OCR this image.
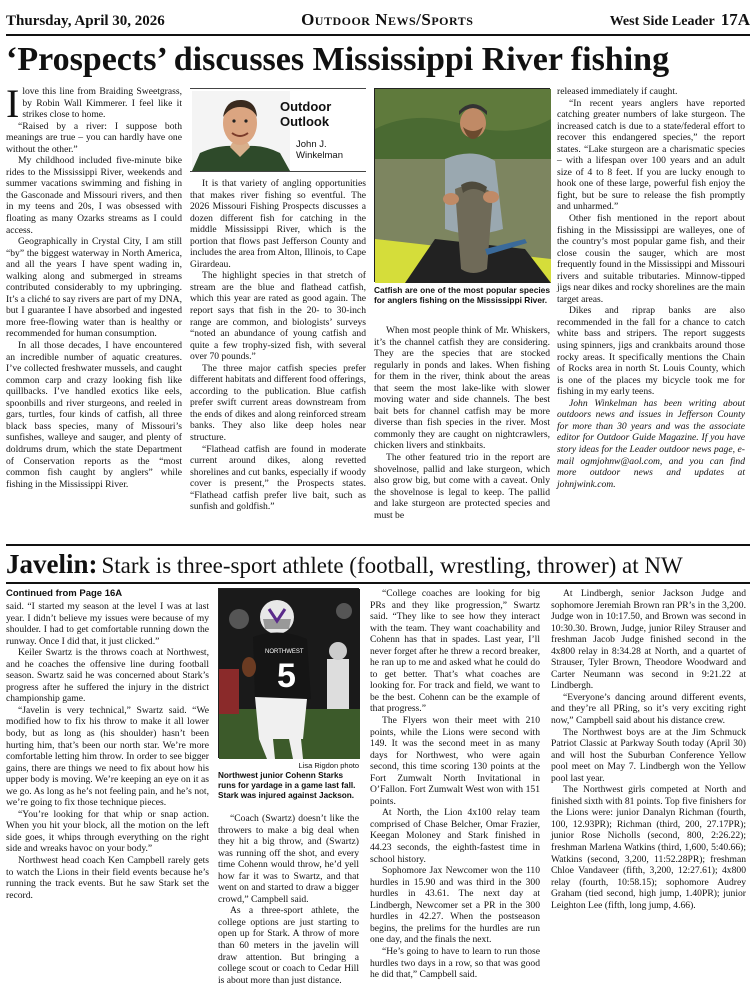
Thursday, April 30, 2026	Outdoor News/Sports	West Side Leader 17A
‘Prospects’ discusses Mississippi River fishing

Ilove this line from Braiding Sweetgrass, by Robin Wall Kimmerer. I feel like it strikes close to home.

“Raised by a river: I suppose both meanings are true – you can hardly have one without the other.”

My childhood included five-minute bike rides to the Mississippi River, weekends and summer vacations swimming and fishing in the Gasconade and Missouri rivers, and then in my teens and 20s, I was obsessed with floating as many Ozarks streams as I could access.

Geographically in Crystal City, I am still “by” the biggest waterway in North America, and all the years I have spent wading in, walking along and submerged in streams contributed considerably to my upbringing. It’s a cliché to say rivers are part of my DNA, but I guarantee I have absorbed and ingested more free-flowing water than is healthy or recommended for human consumption.

In all those decades, I have encountered an incredible number of aquatic creatures. I’ve collected freshwater mussels, and caught common carp and crazy looking fish like quillbacks. I’ve handled exotics like eels, spoonbills and river sturgeons, and reeled in gars, turtles, four kinds of catfish, all three black bass species, many of Missouri’s sunfishes, walleye and sauger, and plenty of doldrums drum, which the state Department of Conservation reports as the “most common fish caught by anglers” while fishing in the Mississippi River.

Outdoor
Outlook
John J.
Winkelman

It is that variety of angling opportunities that makes river fishing so eventful. The 2026 Missouri Fishing Prospects discusses a dozen different fish for catching in the middle Mississippi River, which is the portion that flows past Jefferson County and includes the area from Alton, Illinois, to Cape Girardeau.

The highlight species in that stretch of stream are the blue and flathead catfish, which this year are rated as good again. The report says that fish in the 20- to 30-inch range are common, and biologists’ surveys “noted an abundance of young catfish and quite a few trophy-sized fish, with several over 70 pounds.”

The three major catfish species prefer different habitats and different food offerings, according to the publication. Blue catfish prefer swift current areas downstream from the ends of dikes and along reinforced stream banks. They also like deep holes near structure.

“Flathead catfish are found in moderate current around dikes, along revetted shorelines and cut banks, especially if woody cover is present,” the Prospects states. “Flathead catfish prefer live bait, such as sunfish and goldfish.”

Catfish are one of the most popular species for anglers fishing on the Mississippi River.

When most people think of Mr. Whiskers, it’s the channel catfish they are considering. They are the species that are stocked regularly in ponds and lakes. When fishing for them in the river, think about the areas that seem the most lake-like with slower moving water and side channels. The best bait bets for channel catfish may be more diverse than fish species in the river. Most commonly they are caught on nightcrawlers, chicken livers and stinkbaits.

The other featured trio in the report are shovelnose, pallid and lake sturgeon, which also grow big, but come with a caveat. Only the shovelnose is legal to keep. The pallid and lake sturgeon are protected species and must be

released immediately if caught.

“In recent years anglers have reported catching greater numbers of lake sturgeon. The increased catch is due to a state/federal effort to recover this endangered species,” the report states. “Lake sturgeon are a charismatic species – with a lifespan over 100 years and an adult size of 4 to 8 feet. If you are lucky enough to hook one of these large, powerful fish enjoy the fight, but be sure to release the fish promptly and unharmed.”

Other fish mentioned in the report about fishing in the Mississippi are walleyes, one of the country’s most popular game fish, and their close cousin the sauger, which are most frequently found in the Mississippi and Missouri rivers and suitable tributaries. Minnow-tipped jigs near dikes and rocky shorelines are the main target areas.

Dikes and riprap banks are also recommended in the fall for a chance to catch white bass and stripers. The report suggests using spinners, jigs and crankbaits around those rocky areas. It specifically mentions the Chain of Rocks area in north St. Louis County, which is one of the places my bicycle took me for fishing in my early teens.

John Winkelman has been writing about outdoors news and issues in Jefferson County for more than 30 years and was the associate editor for Outdoor Guide Magazine. If you have story ideas for the Leader outdoor news page, e-mail ogmjohnw@aol.com, and you can find more outdoor news and updates at johnjwink.com.

Javelin: Stark is three-sport athlete (football, wrestling, thrower) at NW
Continued from Page 16A

said. “I started my season at the level I was at last year. I didn’t believe my issues were because of my shoulder. I had to get comfortable running down the runway. Once I did that, it just clicked.”

Keiler Swartz is the throws coach at Northwest, and he coaches the offensive line during football season. Swartz said he was concerned about Stark’s progress after he suffered the injury in the district championship game.

“Javelin is very technical,” Swartz said. “We modified how to fix his throw to make it all lower body, but as long as (his shoulder) hasn’t been hurting him, that’s been our north star. We’re more comfortable letting him throw. In order to see bigger gains, there are things we need to fix about how his upper body is moving. We’re keeping an eye on it as we go. As long as he’s not feeling pain, and he’s not, we’re going to fix those technique pieces.

“You’re looking for that whip or snap action. When you hit your block, all the motion on the left side goes, it whips through everything on the right side and wreaks havoc on your body.”

Northwest head coach Ken Campbell rarely gets to watch the Lions in their field events because he’s running the track events. But he saw Stark set the record.

5
NORTHWEST
Lisa Rigdon photo
Northwest junior Cohenn Starks runs for yardage in a game last fall. Stark was injured against Jackson.

“Coach (Swartz) doesn’t like the throwers to make a big deal when they hit a big throw, and (Swartz) was running off the shot, and every time Cohenn would throw, he’d yell how far it was to Swartz, and that went on and started to draw a bigger crowd,” Campbell said.

As a three-sport athlete, the college options are just starting to open up for Stark. A throw of more than 60 meters in the javelin will draw attention. But bringing a college scout or coach to Cedar Hill is about more than just distance.

“College coaches are looking for big PRs and they like progression,” Swartz said. “They like to see how they interact with the team. They want coachability and Cohenn has that in spades. Last year, I’ll never forget after he threw a record breaker, he ran up to me and asked what he could do to get better. That’s what coaches are looking for. For track and field, we want to be the best. Cohenn can be the example of that progress.”

The Flyers won their meet with 210 points, while the Lions were second with 149. It was the second meet in as many days for Northwest, who were again second, this time scoring 130 points at the Fort Zumwalt North Invitational in O’Fallon. Fort Zumwalt West won with 151 points.

At North, the Lion 4x100 relay team comprised of Chase Belcher, Omar Frazier, Keegan Moloney and Stark finished in 44.23 seconds, the eighth-fastest time in school history.

Sophomore Jax Newcomer won the 110 hurdles in 15.90 and was third in the 300 hurdles in 43.61. The next day at Lindbergh, Newcomer set a PR in the 300 hurdles in 42.27. When the postseason begins, the prelims for the hurdles are run one day, and the finals the next.

“He’s going to have to learn to run those hurdles two days in a row, so that was good he did that,” Campbell said.

At Lindbergh, senior Jackson Judge and sophomore Jeremiah Brown ran PR’s in the 3,200. Judge won in 10:17.50, and Brown was second in 10:30.30. Brown, Judge, junior Riley Strauser and freshman Jacob Judge finished second in the 4x800 relay in 8:34.28 at North, and a quartet of Strauser, Tyler Brown, Theodore Woodward and Carter Neumann was second in 9:21.22 at Lindbergh.

“Everyone’s dancing around different events, and they’re all PRing, so it’s very exciting right now,” Campbell said about his distance crew.

The Northwest boys are at the Jim Schmuck Patriot Classic at Parkway South today (April 30) and will host the Suburban Conference Yellow pool meet on May 7. Lindbergh won the Yellow pool last year.

The Northwest girls competed at North and finished sixth with 81 points. Top five finishers for the Lions were: junior Danalyn Richman (fourth, 100, 12.93PR); Richman (third, 200, 27.17PR); junior Rose Nicholls (second, 800, 2:26.22); freshman Marlena Watkins (third, 1,600, 5:40.66); Watkins (second, 3,200, 11:52.28PR); freshman Chloe Vandaveer (fifth, 3,200, 12:27.61); 4x800 relay (fourth, 10:58.15); sophomore Audrey Graham (tied second, high jump, 1.40PR); junior Leighton Lee (fifth, long jump, 4.66).
